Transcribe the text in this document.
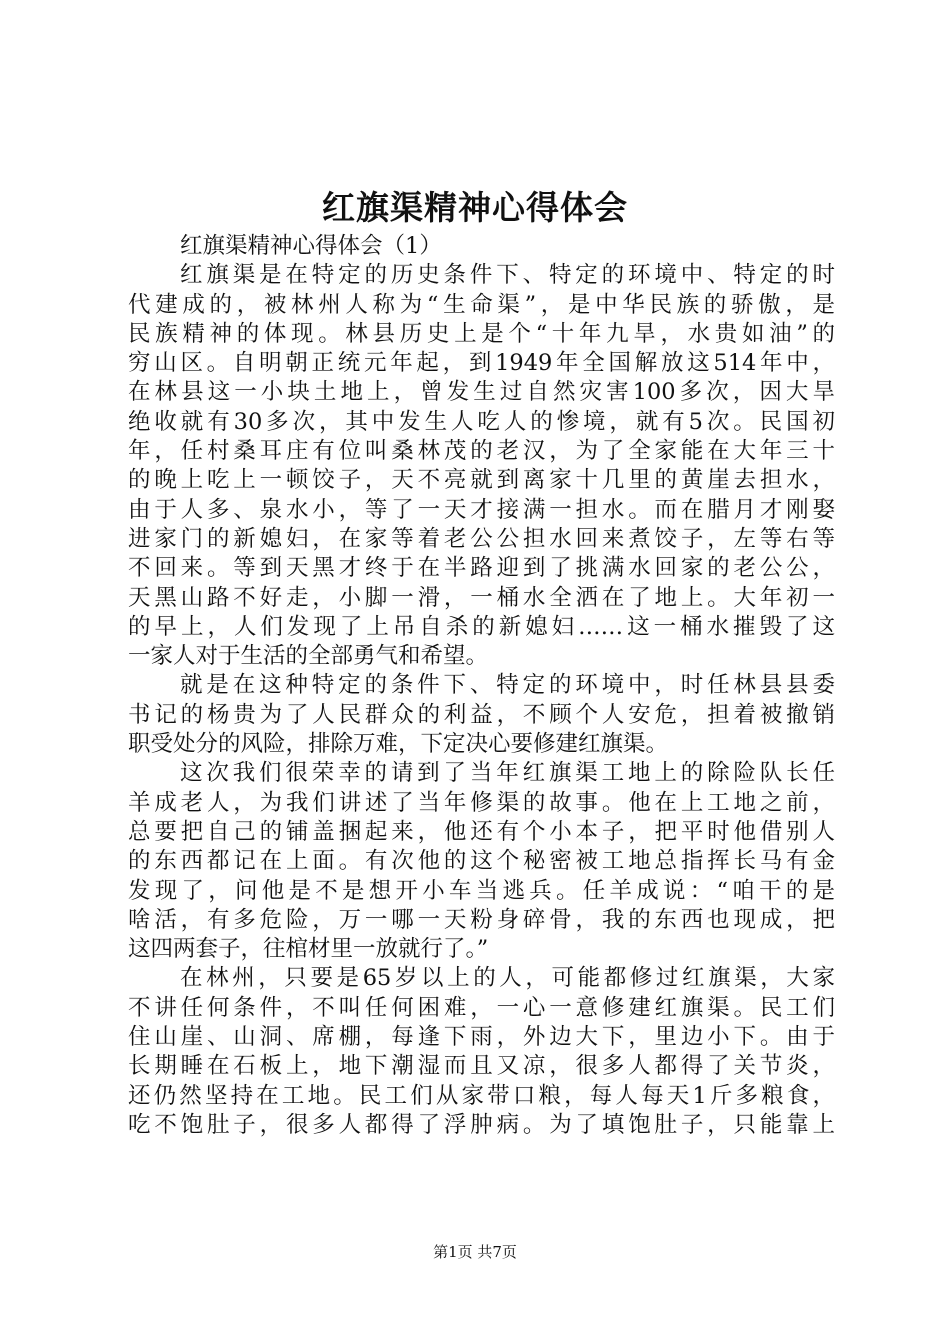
红旗渠精神心得体会
红旗渠精神心得体会（1）
红旗渠是在特定的历史条件下、特定的环境中、特定的时
代建成的，被林州人称为“生命渠”，是中华民族的骄傲，是
民族精神的体现。林县历史上是个“十年九旱，水贵如油”的
穷山区。自明朝正统元年起，到1949年全国解放这514年中，
在林县这一小块土地上，曾发生过自然灾害100多次，因大旱
绝收就有30多次，其中发生人吃人的惨境，就有5次。民国初
年，任村桑耳庄有位叫桑林茂的老汉，为了全家能在大年三十
的晚上吃上一顿饺子，天不亮就到离家十几里的黄崖去担水，
由于人多、泉水小，等了一天才接满一担水。而在腊月才刚娶
进家门的新媳妇，在家等着老公公担水回来煮饺子，左等右等
不回来。等到天黑才终于在半路迎到了挑满水回家的老公公，
天黑山路不好走，小脚一滑，一桶水全洒在了地上。大年初一
的早上，人们发现了上吊自杀的新媳妇……这一桶水摧毁了这
一家人对于生活的全部勇气和希望。
就是在这种特定的条件下、特定的环境中，时任林县县委
书记的杨贵为了人民群众的利益，不顾个人安危，担着被撤销
职受处分的风险，排除万难，下定决心要修建红旗渠。
这次我们很荣幸的请到了当年红旗渠工地上的除险队长任
羊成老人，为我们讲述了当年修渠的故事。他在上工地之前，
总要把自己的铺盖捆起来，他还有个小本子，把平时他借别人
的东西都记在上面。有次他的这个秘密被工地总指挥长马有金
发现了，问他是不是想开小车当逃兵。任羊成说：“咱干的是
啥活，有多危险，万一哪一天粉身碎骨，我的东西也现成，把
这四两套子，往棺材里一放就行了。”
在林州，只要是65岁以上的人，可能都修过红旗渠，大家
不讲任何条件，不叫任何困难，一心一意修建红旗渠。民工们
住山崖、山洞、席棚，每逢下雨，外边大下，里边小下。由于
长期睡在石板上，地下潮湿而且又凉，很多人都得了关节炎，
还仍然坚持在工地。民工们从家带口粮，每人每天1斤多粮食，
吃不饱肚子，很多人都得了浮肿病。为了填饱肚子，只能靠上
第1页 共7页
